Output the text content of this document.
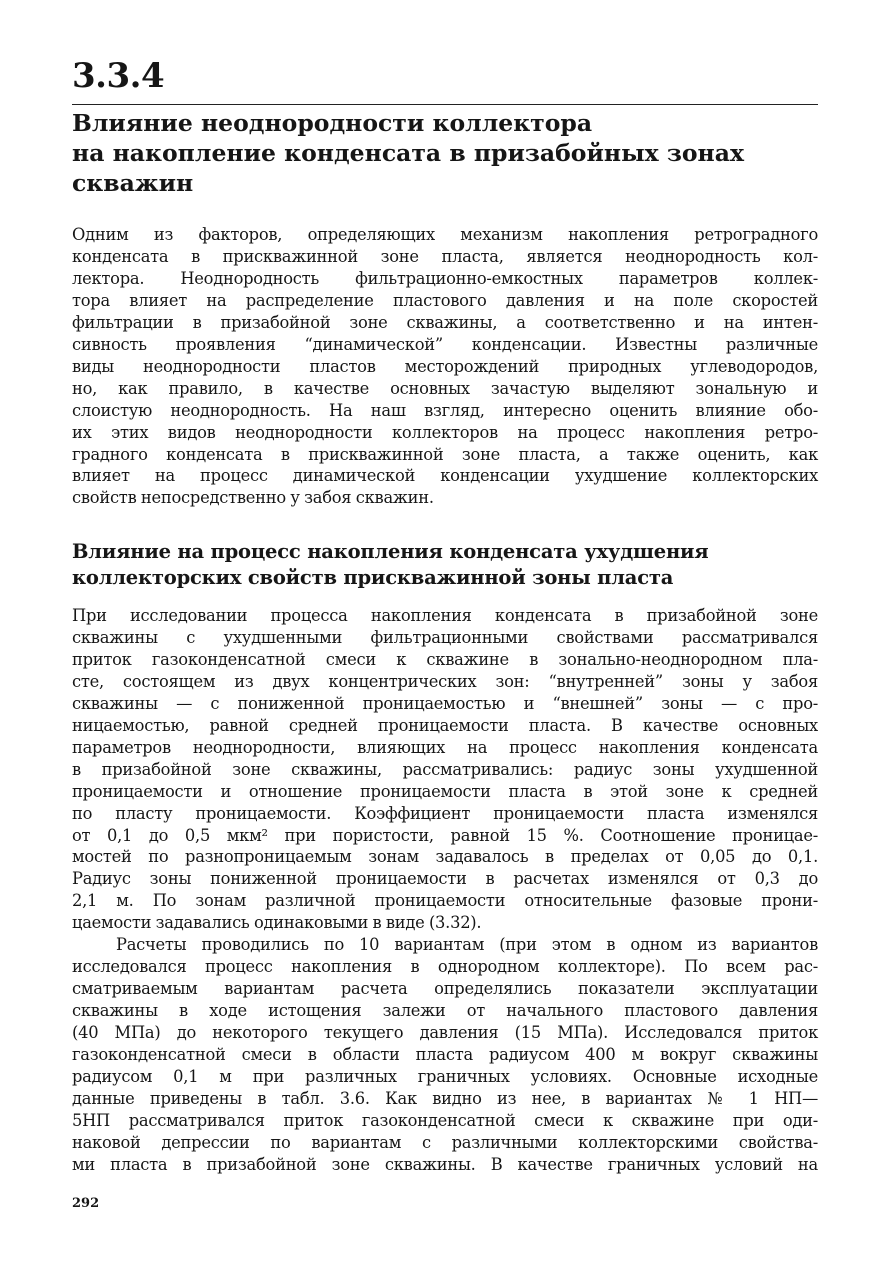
3.3.4
Влияние неоднородности коллектора
на накопление конденсата в призабойных зонах
скважин
Одним из факторов, определяющих механизм накопления ретроградного
конденсата в прискважинной зоне пласта, является неоднородность кол-
лектора. Неоднородность фильтрационно-емкостных параметров коллек-
тора влияет на распределение пластового давления и на поле скоростей
фильтрации в призабойной зоне скважины, а соответственно и на интен-
сивность проявления “динамической” конденсации. Известны различные
виды неоднородности пластов месторождений природных углеводородов,
но, как правило, в качестве основных зачастую выделяют зональную и
слоистую неоднородность. На наш взгляд, интересно оценить влияние обо-
их этих видов неоднородности коллекторов на процесс накопления ретро-
градного конденсата в прискважинной зоне пласта, а также оценить, как
влияет на процесс динамической конденсации ухудшение коллекторских
свойств непосредственно у забоя скважин.
Влияние на процесс накопления конденсата ухудшения
коллекторских свойств прискважинной зоны пласта
При исследовании процесса накопления конденсата в призабойной зоне
скважины с ухудшенными фильтрационными свойствами рассматривался
приток газоконденсатной смеси к скважине в зонально-неоднородном пла-
сте, состоящем из двух концентрических зон: “внутренней” зоны у забоя
скважины — с пониженной проницаемостью и “внешней” зоны — с про-
ницаемостью, равной средней проницаемости пласта. В качестве основных
параметров неоднородности, влияющих на процесс накопления конденсата
в призабойной зоне скважины, рассматривались: радиус зоны ухудшенной
проницаемости и отношение проницаемости пласта в этой зоне к средней
по пласту проницаемости. Коэффициент проницаемости пласта изменялся
от 0,1 до 0,5 мкм² при пористости, равной 15 %. Соотношение проницае-
мостей по разнопроницаемым зонам задавалось в пределах от 0,05 до 0,1.
Радиус зоны пониженной проницаемости в расчетах изменялся от 0,3 до
2,1 м. По зонам различной проницаемости относительные фазовые прони-
цаемости задавались одинаковыми в виде (3.32).
Расчеты проводились по 10 вариантам (при этом в одном из вариантов
исследовался процесс накопления в однородном коллекторе). По всем рас-
сматриваемым вариантам расчета определялись показатели эксплуатации
скважины в ходе истощения залежи от начального пластового давления
(40 МПа) до некоторого текущего давления (15 МПа). Исследовался приток
газоконденсатной смеси в области пласта радиусом 400 м вокруг скважины
радиусом 0,1 м при различных граничных условиях. Основные исходные
данные приведены в табл. 3.6. Как видно из нее, в вариантах № 1 НП—
5НП рассматривался приток газоконденсатной смеси к скважине при оди-
наковой депрессии по вариантам с различными коллекторскими свойства-
ми пласта в призабойной зоне скважины. В качестве граничных условий на
292
